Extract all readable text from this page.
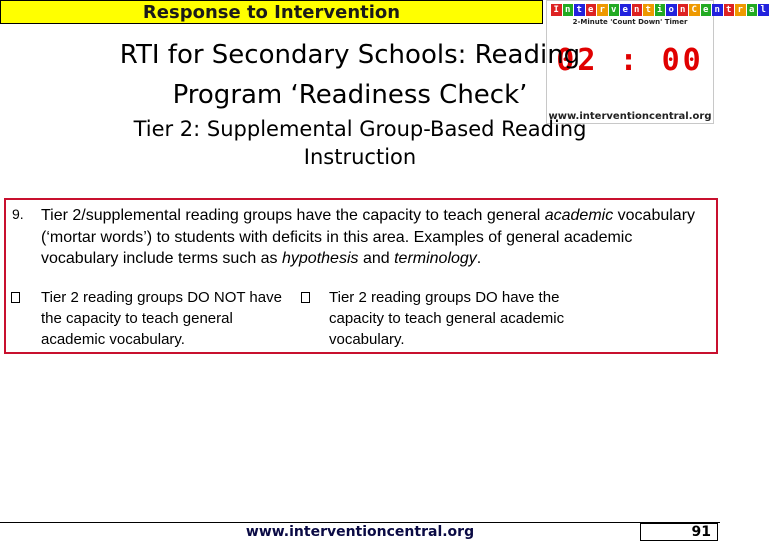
Response to Intervention	I n t e r v e n t i o n C e n t r a l
2-Minute 'Count Down' Timer
02 : 00
www.interventioncentral.org
RTI for Secondary Schools: Reading
Program ‘Readiness Check’
Tier 2: Supplemental Group-Based Reading
Instruction
9. Tier 2/supplemental reading groups have the capacity to teach general academic vocabulary (‘mortar words’) to students with deficits in this area. Examples of general academic vocabulary include terms such as hypothesis and terminology.
Tier 2 reading groups DO NOT have the capacity to teach general academic vocabulary.
Tier 2 reading groups DO have the capacity to teach general academic vocabulary.
www.interventioncentral.org	91
